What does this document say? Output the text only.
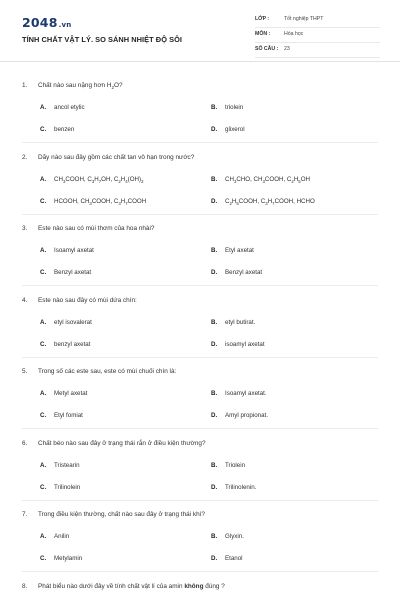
2048.vn
TÍNH CHẤT VẬT LÝ. SO SÁNH NHIỆT ĐỘ SÔI
LỚP :	Tốt nghiệp THPT
MÔN :	Hóa học
SỐ CÂU : 23
1. Chất nào sau nặng hơn $H_2O$?
A. ancol etylic	B. triolein
C. benzen	D. glixerol
2. Dãy nào sau đây gồm các chất tan vô hạn trong nước?
A. $CH_3COOH$, $C_3H_7OH$, $C_2H_4(OH)_2$	B. $CH_3CHO$, $CH_3COOH$, $C_2H_5OH$
C. HCOOH, $CH_3COOH$, $C_3H_7COOH$	D. $C_2H_5COOH$, $C_3H_7COOH$, HCHO
3. Este nào sau có mùi thơm của hoa nhài?
A. Isoamyl axetat	B. Etyl axetat
C. Benzyl axetat	D. Benzyl axetat
4. Este nào sau đây có mùi dứa chín:
A. etyl isovalerat	B. etyl butirat.
C. benzyl axetat	D. isoamyl axetat
5. Trong số các este sau, este có mùi chuối chín là:
A. Metyl axetat	B. Isoamyl axetat.
C. Etyl fomiat	D. Amyl propionat.
6. Chất béo nào sau đây ở trạng thái rắn ở điều kiện thường?
A. Tristearin	B. Triolein
C. Trilinolein	D. Trilinolenin.
7. Trong điều kiện thường, chất nào sau đây ở trạng thái khí?
A. Anilin	B. Glyxin.
C. Metylamin	D. Etanol
8. Phát biểu nào dưới đây về tính chất vật lí của amin không đúng ?
